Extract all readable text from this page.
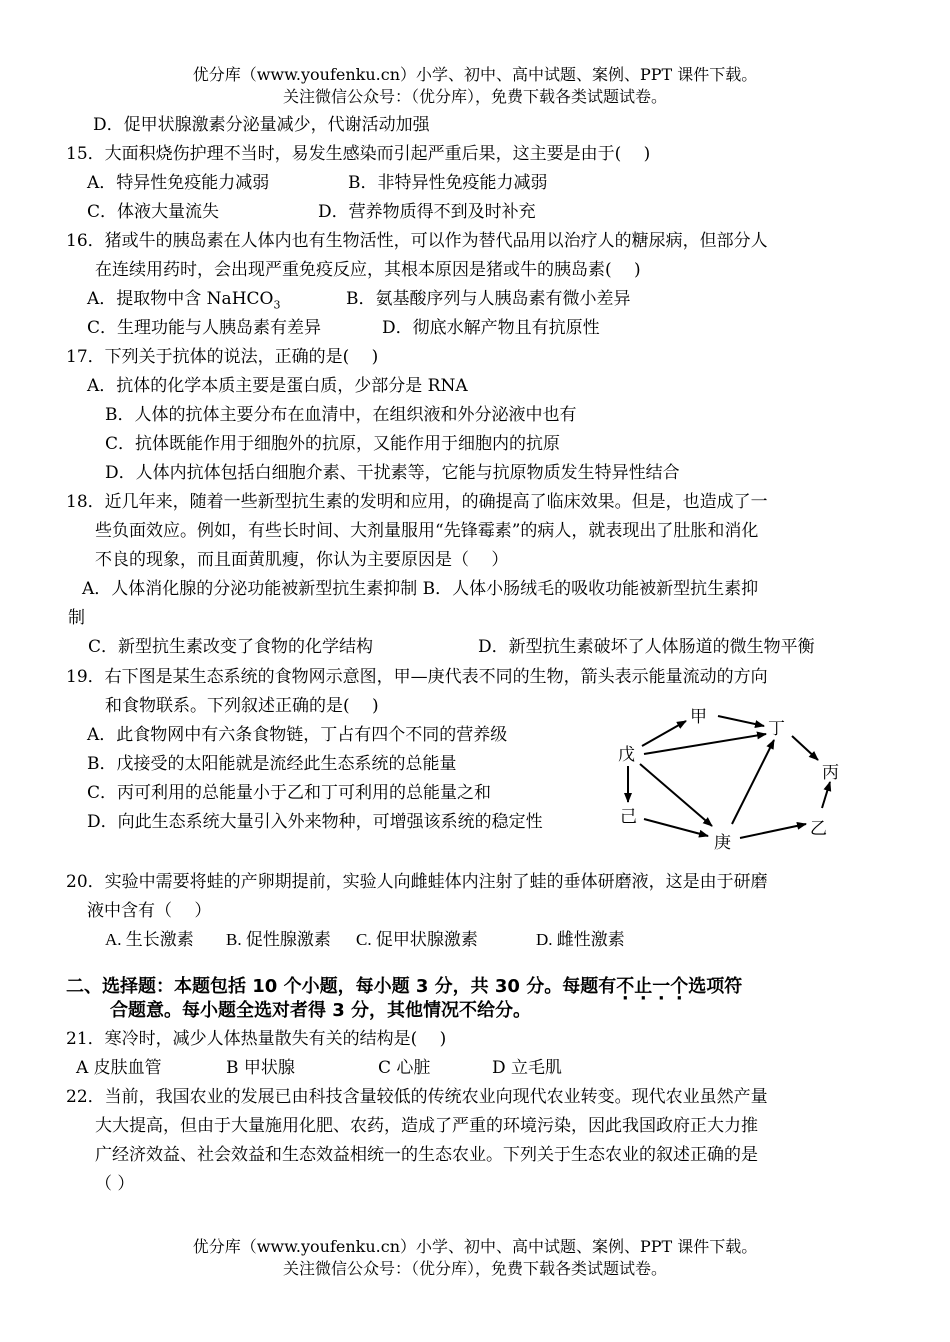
优分库（www.youfenku.cn）小学、初中、高中试题、案例、PPT 课件下载。
关注微信公众号：（优分库），免费下载各类试题试卷。
D．促甲状腺激素分泌量减少，代谢活动加强
15．大面积烧伤护理不当时，易发生感染而引起严重后果，这主要是由于(　 )
A．特异性免疫能力减弱	B．非特异性免疫能力减弱
C．体液大量流失	D．营养物质得不到及时补充
16．猪或牛的胰岛素在人体内也有生物活性，可以作为替代品用以治疗人的糖尿病，但部分人
在连续用药时，会出现严重免疫反应，其根本原因是猪或牛的胰岛素(　 )
A．提取物中含 NaHCO$_3$	B．氨基酸序列与人胰岛素有微小差异
C．生理功能与人胰岛素有差异	D．彻底水解产物且有抗原性
17．下列关于抗体的说法，正确的是(　 )
A．抗体的化学本质主要是蛋白质，少部分是 RNA
B．人体的抗体主要分布在血清中，在组织液和外分泌液中也有
C．抗体既能作用于细胞外的抗原，又能作用于细胞内的抗原
D．人体内抗体包括白细胞介素、干扰素等，它能与抗原物质发生特异性结合
18．近几年来，随着一些新型抗生素的发明和应用，的确提高了临床效果。但是，也造成了一
些负面效应。例如，有些长时间、大剂量服用“先锋霉素”的病人，就表现出了肚胀和消化
不良的现象，而且面黄肌瘦，你认为主要原因是（　 ）
A．人体消化腺的分泌功能被新型抗生素抑制 B．人体小肠绒毛的吸收功能被新型抗生素抑
制
C．新型抗生素改变了食物的化学结构	D．新型抗生素破坏了人体肠道的微生物平衡
19．右下图是某生态系统的食物网示意图，甲—庚代表不同的生物，箭头表示能量流动的方向
和食物联系。下列叙述正确的是(　 )
A．此食物网中有六条食物链，丁占有四个不同的营养级
B．戊接受的太阳能就是流经此生态系统的总能量
C．丙可利用的总能量小于乙和丁可利用的总能量之和
D．向此生态系统大量引入外来物种，可增强该系统的稳定性
甲
丁
戊
丙
己
庚
乙
20．实验中需要将蛙的产卵期提前，实验人向雌蛙体内注射了蛙的垂体研磨液，这是由于研磨
液中含有（　 ）
A. 生长激素 B. 促性腺激素 C. 促甲状腺激素	D. 雌性激素
二、选择题：本题包括 10 个小题，每小题 3 分，共 30 分。每题有不止一个选项符
合题意。每小题全选对者得 3 分，其他情况不给分。
21．寒冷时，减少人体热量散失有关的结构是(　 )
A 皮肤血管	B 甲状腺	C 心脏	D 立毛肌
22．当前，我国农业的发展已由科技含量较低的传统农业向现代农业转变。现代农业虽然产量
大大提高，但由于大量施用化肥、农药，造成了严重的环境污染，因此我国政府正大力推
广经济效益、社会效益和生态效益相统一的生态农业。下列关于生态农业的叙述正确的是
（ ）
优分库（www.youfenku.cn）小学、初中、高中试题、案例、PPT 课件下载。
关注微信公众号：（优分库），免费下载各类试题试卷。
